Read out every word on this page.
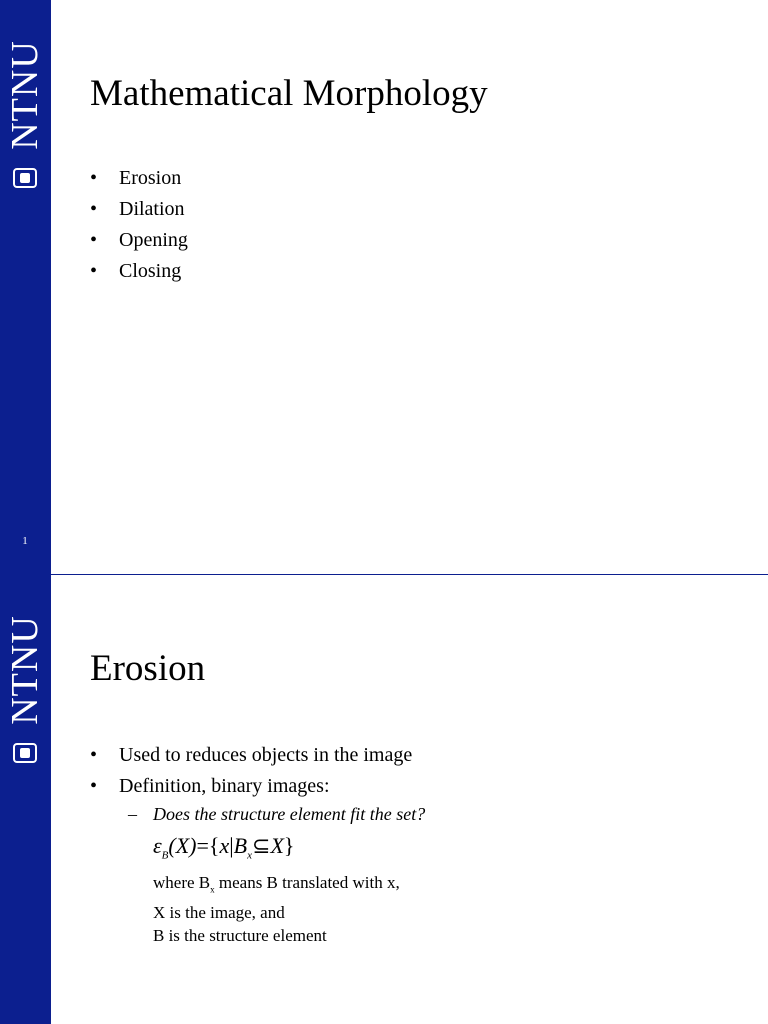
NTNU
1
Mathematical Morphology
• Erosion
• Dilation
• Opening
• Closing
NTNU Erosion
• Used to reduces objects in the image
• Definition, binary images:
– Does the structure element fit the set?
$\varepsilon_B(X)=\{x|B_x⊆X\}$
where $B_x$ means B translated with x,
X is the image, and
B is the structure element
